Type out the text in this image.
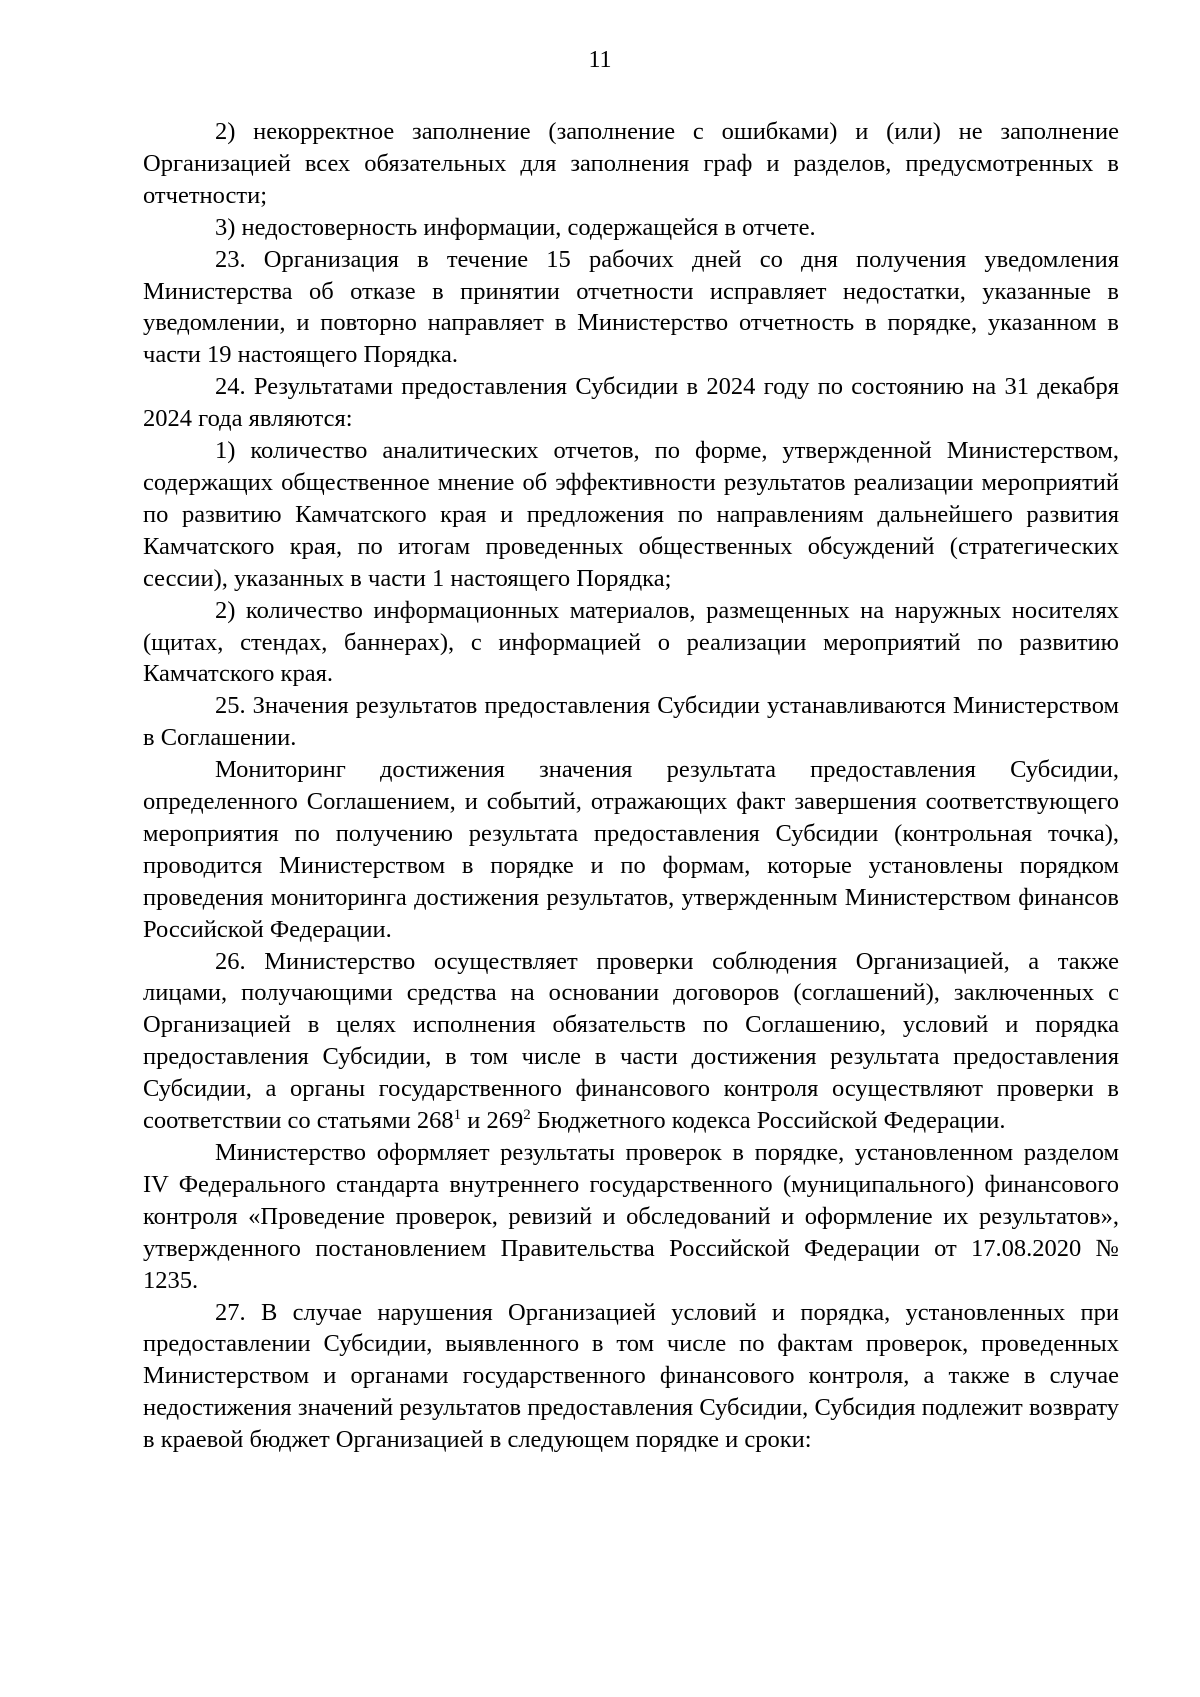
11

2) некорректное заполнение (заполнение с ошибками) и (или) не заполнение Организацией всех обязательных для заполнения граф и разделов, предусмотренных в отчетности;

3) недостоверность информации, содержащейся в отчете.

23. Организация в течение 15 рабочих дней со дня получения уведомления Министерства об отказе в принятии отчетности исправляет недостатки, указанные в уведомлении, и повторно направляет в Министерство отчетность в порядке, указанном в части 19 настоящего Порядка.

24. Результатами предоставления Субсидии в 2024 году по состоянию на 31 декабря 2024 года являются:

1) количество аналитических отчетов, по форме, утвержденной Министерством, содержащих общественное мнение об эффективности результатов реализации мероприятий по развитию Камчатского края и предложения по направлениям дальнейшего развития Камчатского края, по итогам проведенных общественных обсуждений (стратегических сессии), указанных в части 1 настоящего Порядка;

2) количество информационных материалов, размещенных на наружных носителях (щитах, стендах, баннерах), с информацией о реализации мероприятий по развитию Камчатского края.

25. Значения результатов предоставления Субсидии устанавливаются Министерством в Соглашении.

Мониторинг достижения значения результата предоставления Субсидии, определенного Соглашением, и событий, отражающих факт завершения соответствующего мероприятия по получению результата предоставления Субсидии (контрольная точка), проводится Министерством в порядке и по формам, которые установлены порядком проведения мониторинга достижения результатов, утвержденным Министерством финансов Российской Федерации.

26. Министерство осуществляет проверки соблюдения Организацией, а также лицами, получающими средства на основании договоров (соглашений), заключенных с Организацией в целях исполнения обязательств по Соглашению, условий и порядка предоставления Субсидии, в том числе в части достижения результата предоставления Субсидии, а органы государственного финансового контроля осуществляют проверки в соответствии со статьями $268^1$ и $269^2$ Бюджетного кодекса Российской Федерации.

Министерство оформляет результаты проверок в порядке, установленном разделом IV Федерального стандарта внутреннего государственного (муниципального) финансового контроля «Проведение проверок, ревизий и обследований и оформление их результатов», утвержденного постановлением Правительства Российской Федерации от 17.08.2020 № 1235.

27. В случае нарушения Организацией условий и порядка, установленных при предоставлении Субсидии, выявленного в том числе по фактам проверок, проведенных Министерством и органами государственного финансового контроля, а также в случае недостижения значений результатов предоставления Субсидии, Субсидия подлежит возврату в краевой бюджет Организацией в следующем порядке и сроки:
